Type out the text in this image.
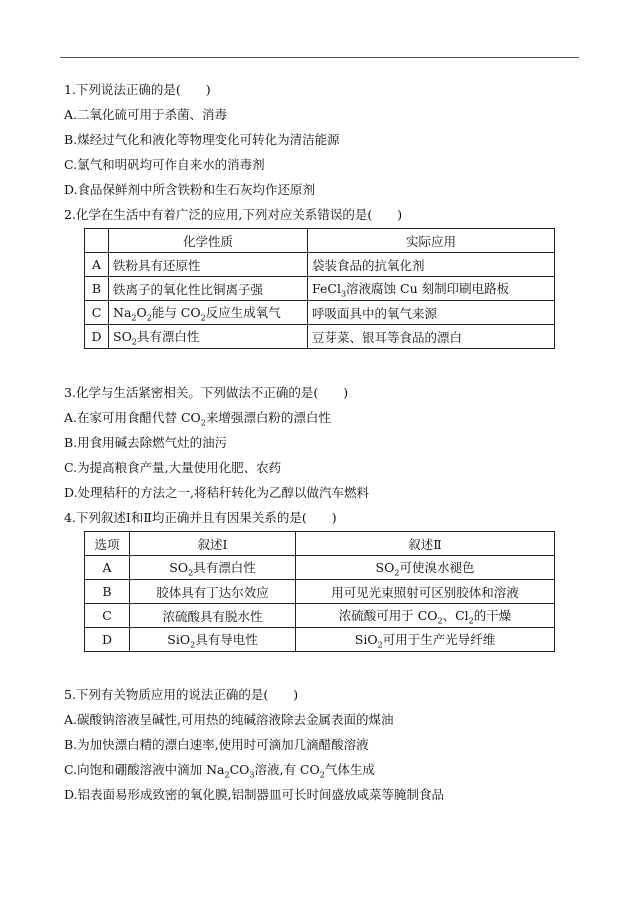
1.下列说法正确的是(　　)
A.二氧化硫可用于杀菌、消毒
B.煤经过气化和液化等物理变化可转化为清洁能源
C.氯气和明矾均可作自来水的消毒剂
D.食品保鲜剂中所含铁粉和生石灰均作还原剂
2.化学在生活中有着广泛的应用,下列对应关系错误的是(　　)
	化学性质	实际应用
A	铁粉具有还原性	袋装食品的抗氧化剂
B	铁离子的氧化性比铜离子强	FeCl$_3$溶液腐蚀 Cu 刻制印刷电路板
C	$Na_2O_2$能与 $CO_2$反应生成氧气	呼吸面具中的氧气来源
D	$SO_2$具有漂白性	豆芽菜、银耳等食品的漂白
3.化学与生活紧密相关。下列做法不正确的是(　　)
A.在家可用食醋代替 $CO_2$来增强漂白粉的漂白性
B.用食用碱去除燃气灶的油污
C.为提高粮食产量,大量使用化肥、农药
D.处理秸秆的方法之一,将秸秆转化为乙醇以做汽车燃料
4.下列叙述Ⅰ和Ⅱ均正确并且有因果关系的是(　　)
选项	叙述Ⅰ	叙述Ⅱ
A	$SO_2$具有漂白性	$SO_2$可使溴水褪色
B	胶体具有丁达尔效应	用可见光束照射可区别胶体和溶液
C	浓硫酸具有脱水性	浓硫酸可用于 $CO_2$、$Cl_2$的干燥
D	SiO$_2$具有导电性	SiO$_2$可用于生产光导纤维
5.下列有关物质应用的说法正确的是(　　)
A.碳酸钠溶液呈碱性,可用热的纯碱溶液除去金属表面的煤油
B.为加快漂白精的漂白速率,使用时可滴加几滴醋酸溶液
C.向饱和硼酸溶液中滴加 $Na_2CO_3$溶液,有 $CO_2$气体生成
D.铝表面易形成致密的氧化膜,铝制器皿可长时间盛放咸菜等腌制食品
